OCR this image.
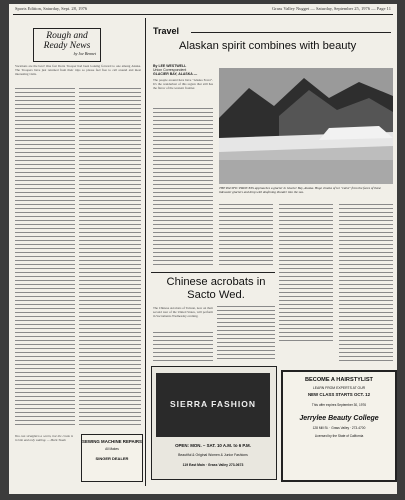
Sports Edition, Saturday, Sept. 28, 1976	Grass Valley Nugget — Saturday, September 25, 1976 — Page 11
Rough and
Ready News
by Joe Bennet
Vacations are the best! One fast Dorta Trooper had been looking forward to one among Alaska. The Troopers have just returned from their trips so please feel free to call around and meet interesting visits.
You can straighten a worm, but the crook is in him and only waiting. — Mark Twain	SEWING MACHINE REPAIRS
All Makes
SINGER DEALER
Travel
Alaskan spirit combines with beauty
By LEE WESTWELL
Union Correspondent
GLACIER BAY, ALASKA —
The people around here have "Alaska Fever". It's the wanderlust of this region that still has the flavor of the western frontier.
THE PACIFIC PRINCESS approaches a glacier in Glacier Bay, Alaska. Huge chunks of ice "calve" from the faces of these tidewater glaciers and drop with deafening thunder into the sea.
Chinese acrobats in Sacto Wed.
The Chinese Acrobats of Taiwan, now on their second tour of the United States, will perform in Sacramento Wednesday evening.
SIERRA FASHION
OPEN: MON. – SAT. 10 A.M. to 6 P.M.
Beautiful & Original Women & Junior Fashions
119 East Main · Grass Valley 273-0673
BECOME A HAIRSTYLIST
LEARN FROM EXPERTS AT OUR
NEW CLASS STARTS OCT. 12
This offer expires September 30, 1976
Jerrylee Beauty College
128 Mill St. · Grass Valley · 273-4700
Licensed by the State of California
